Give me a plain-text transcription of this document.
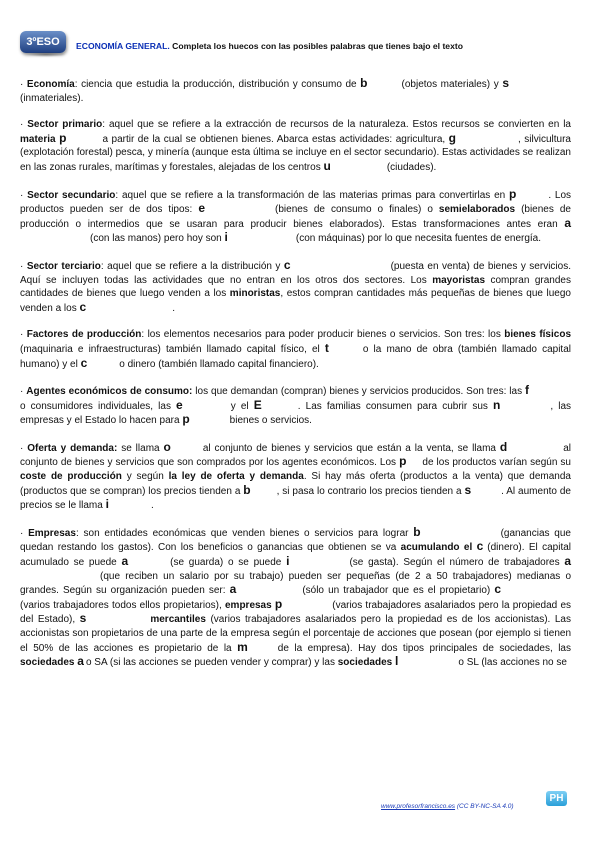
3ºESO	ECONOMÍA GENERAL. Completa los huecos con las posibles palabras que tienes bajo el texto

· Economía: ciencia que estudia la producción, distribución y consumo de b	(objetos materiales) y s(inmateriales).

· Sector primario: aquel que se refiere a la extracción de recursos de la naturaleza. Estos recursos se convierten en la materia p	a partir de la cual se obtienen bienes. Abarca estas actividades: agricultura, g	, silvicultura (explotación forestal) pesca, y minería (aunque esta última se incluye en el sector secundario). Estas actividades se realizan en las zonas rurales, marítimas y forestales, alejadas de los centros u	(ciudades).

· Sector secundario: aquel que se refiere a la transformación de las materias primas para convertirlas en p	. Los productos pueden ser de dos tipos: e	(bienes de consumo o finales) o semielaborados (bienes de producción o intermedios que se usaran para producir bienes elaborados). Estas transformaciones antes eran a(con las manos) pero hoy son i	(con máquinas) por lo que necesita fuentes de energía.

· Sector terciario: aquel que se refiere a la distribución y c	(puesta en venta) de bienes y servicios. Aquí se incluyen todas las actividades que no entran en los otros dos sectores. Los mayoristas compran grandes cantidades de bienes que luego venden a los minoristas, estos compran cantidades más pequeñas de bienes que luego venden a los c	.

· Factores de producción: los elementos necesarios para poder producir bienes o servicios. Son tres: los bienes físicos (maquinaria e infraestructuras) también llamado capital físico, el t	o la mano de obra (también llamado capital humano) y el c	o dinero (también llamado capital financiero).

· Agentes económicos de consumo: los que demandan (compran) bienes y servicios producidos. Son tres: las fo consumidores individuales, las e	y el E	. Las familias consumen para cubrir sus n	, las empresas y el Estado lo hacen para p	bienes o servicios.

· Oferta y demanda: se llama o	al conjunto de bienes y servicios que están a la venta, se llama d	al conjunto de bienes y servicios que son comprados por los agentes económicos. Los p de los productos varían según su coste de producción y según la ley de oferta y demanda. Si hay más oferta (productos a la venta) que demanda (productos que se compran) los precios tienden a b	, si pasa lo contrario los precios tienden a s	. Al aumento de precios se le llama i	.

· Empresas: son entidades económicas que venden bienes o servicios para lograr b	(ganancias que quedan restando los gastos). Con los beneficios o ganancias que obtienen se va acumulando el c (dinero). El capital acumulado se puede a	(se guarda) o se puede i	(se gasta). Según el número de trabajadores a(que reciben un salario por su trabajo) pueden ser pequeñas (de 2 a 50 trabajadores) medianas o grandes. Según su organización pueden ser: a	(sólo un trabajador que es el propietario) c(varios trabajadores todos ellos propietarios), empresas p	(varios trabajadores asalariados pero la propiedad es del Estado), s	mercantiles (varios trabajadores asalariados pero la propiedad es de los accionistas). Las accionistas son propietarios de una parte de la empresa según el porcentaje de acciones que posean (por ejemplo si tienen el 50% de las acciones es propietario de la m	de la empresa). Hay dos tipos principales de sociedades, las sociedades a o SA (si las acciones se pueden vender y comprar) y las sociedades l	o SL (las acciones no se

www.profesorfrancisco.es (CC BY-NC-SA 4.0)
PH
